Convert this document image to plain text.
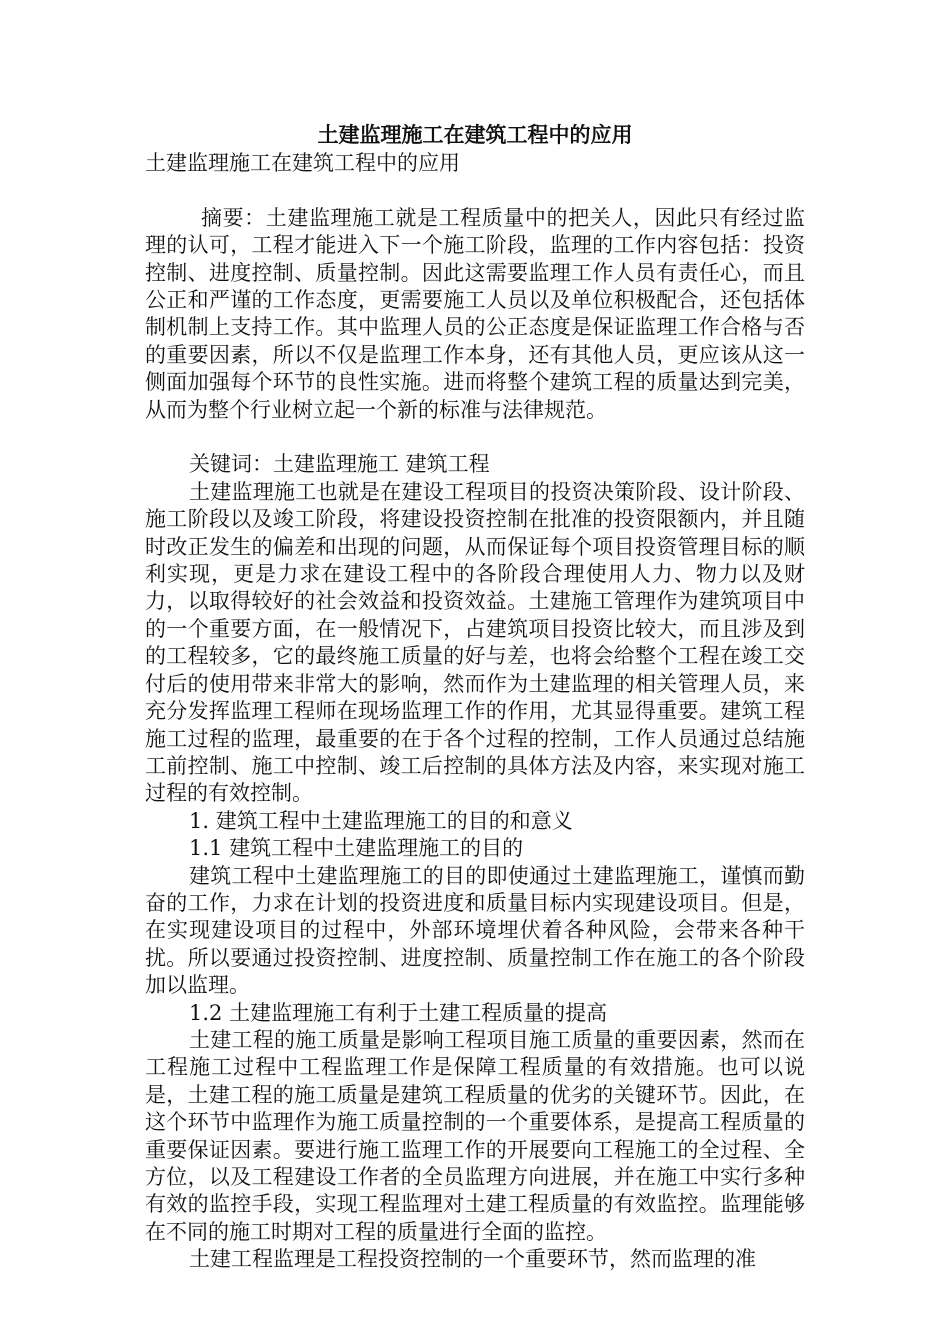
土建监理施工在建筑工程中的应用

土建监理施工在建筑工程中的应用

摘要：土建监理施工就是工程质量中的把关人，因此只有经过监理的认可，工程才能进入下一个施工阶段，监理的工作内容包括：投资控制、进度控制、质量控制。因此这需要监理工作人员有责任心，而且公正和严谨的工作态度，更需要施工人员以及单位积极配合，还包括体制机制上支持工作。其中监理人员的公正态度是保证监理工作合格与否的重要因素，所以不仅是监理工作本身，还有其他人员，更应该从这一侧面加强每个环节的良性实施。进而将整个建筑工程的质量达到完美，从而为整个行业树立起一个新的标准与法律规范。

关键词：土建监理施工 建筑工程

土建监理施工也就是在建设工程项目的投资决策阶段、设计阶段、施工阶段以及竣工阶段，将建设投资控制在批准的投资限额内，并且随时改正发生的偏差和出现的问题，从而保证每个项目投资管理目标的顺利实现，更是力求在建设工程中的各阶段合理使用人力、物力以及财力，以取得较好的社会效益和投资效益。土建施工管理作为建筑项目中的一个重要方面，在一般情况下，占建筑项目投资比较大，而且涉及到的工程较多，它的最终施工质量的好与差，也将会给整个工程在竣工交付后的使用带来非常大的影响，然而作为土建监理的相关管理人员，来充分发挥监理工程师在现场监理工作的作用，尤其显得重要。建筑工程施工过程的监理，最重要的在于各个过程的控制，工作人员通过总结施工前控制、施工中控制、竣工后控制的具体方法及内容，来实现对施工过程的有效控制。

1. 建筑工程中土建监理施工的目的和意义

1.1 建筑工程中土建监理施工的目的

建筑工程中土建监理施工的目的即使通过土建监理施工，谨慎而勤奋的工作，力求在计划的投资进度和质量目标内实现建设项目。但是，在实现建设项目的过程中，外部环境埋伏着各种风险，会带来各种干扰。所以要通过投资控制、进度控制、质量控制工作在施工的各个阶段加以监理。

1.2 土建监理施工有利于土建工程质量的提高

土建工程的施工质量是影响工程项目施工质量的重要因素，然而在工程施工过程中工程监理工作是保障工程质量的有效措施。也可以说是，土建工程的施工质量是建筑工程质量的优劣的关键环节。因此，在这个环节中监理作为施工质量控制的一个重要体系，是提高工程质量的重要保证因素。要进行施工监理工作的开展要向工程施工的全过程、全方位，以及工程建设工作者的全员监理方向进展，并在施工中实行多种有效的监控手段，实现工程监理对土建工程质量的有效监控。监理能够在不同的施工时期对工程的质量进行全面的监控。

土建工程监理是工程投资控制的一个重要环节，然而监理的准
